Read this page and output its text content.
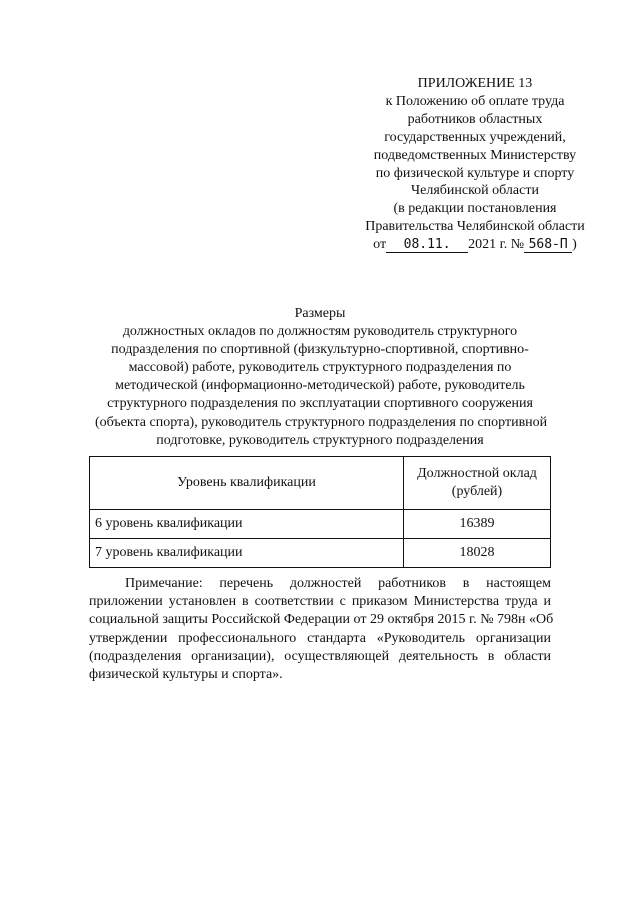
ПРИЛОЖЕНИЕ 13
к Положению об оплате труда
работников областных
государственных учреждений,
подведомственных Министерству
по физической культуре и спорту
Челябинской области
(в редакции постановления
Правительства Челябинской области
от 08.11. 2021 г. № 568-П )
Размеры
должностных окладов по должностям руководитель структурного
подразделения по спортивной (физкультурно-спортивной, спортивно-
массовой) работе, руководитель структурного подразделения по
методической (информационно-методической) работе, руководитель
структурного подразделения по эксплуатации спортивного сооружения
(объекта спорта), руководитель структурного подразделения по спортивной
подготовке, руководитель структурного подразделения
Уровень квалификации	Должностной оклад
(рублей)
6 уровень квалификации	16389
7 уровень квалификации	18028
Примечание: перечень должностей работников в настоящем
приложении установлен в соответствии с приказом Министерства труда и
социальной защиты Российской Федерации от 29 октября 2015 г. № 798н «Об
утверждении профессионального стандарта «Руководитель организации
(подразделения организации), осуществляющей деятельность в области
физической культуры и спорта».
